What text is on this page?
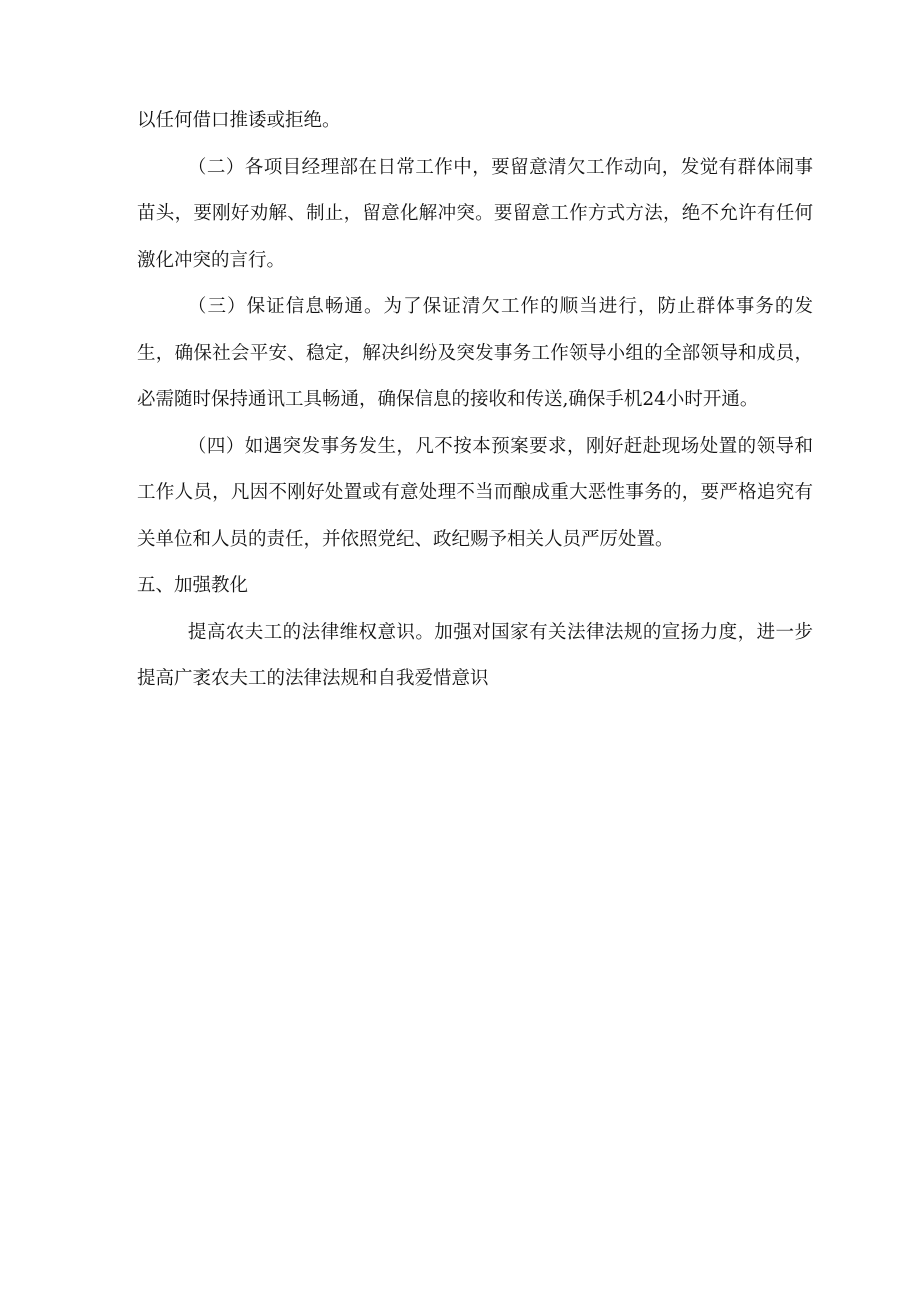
以任何借口推诿或拒绝。

（二）各项目经理部在日常工作中，要留意清欠工作动向，发觉有群体闹事苗头，要刚好劝解、制止，留意化解冲突。要留意工作方式方法，绝不允许有任何激化冲突的言行。

（三）保证信息畅通。为了保证清欠工作的顺当进行，防止群体事务的发生，确保社会平安、稳定，解决纠纷及突发事务工作领导小组的全部领导和成员，必需随时保持通讯工具畅通，确保信息的接收和传送,确保手机24小时开通。

（四）如遇突发事务发生，凡不按本预案要求，刚好赶赴现场处置的领导和工作人员，凡因不刚好处置或有意处理不当而酿成重大恶性事务的，要严格追究有关单位和人员的责任，并依照党纪、政纪赐予相关人员严厉处置。

五、加强教化

提高农夫工的法律维权意识。加强对国家有关法律法规的宣扬力度，进一步提高广袤农夫工的法律法规和自我爱惜意识
